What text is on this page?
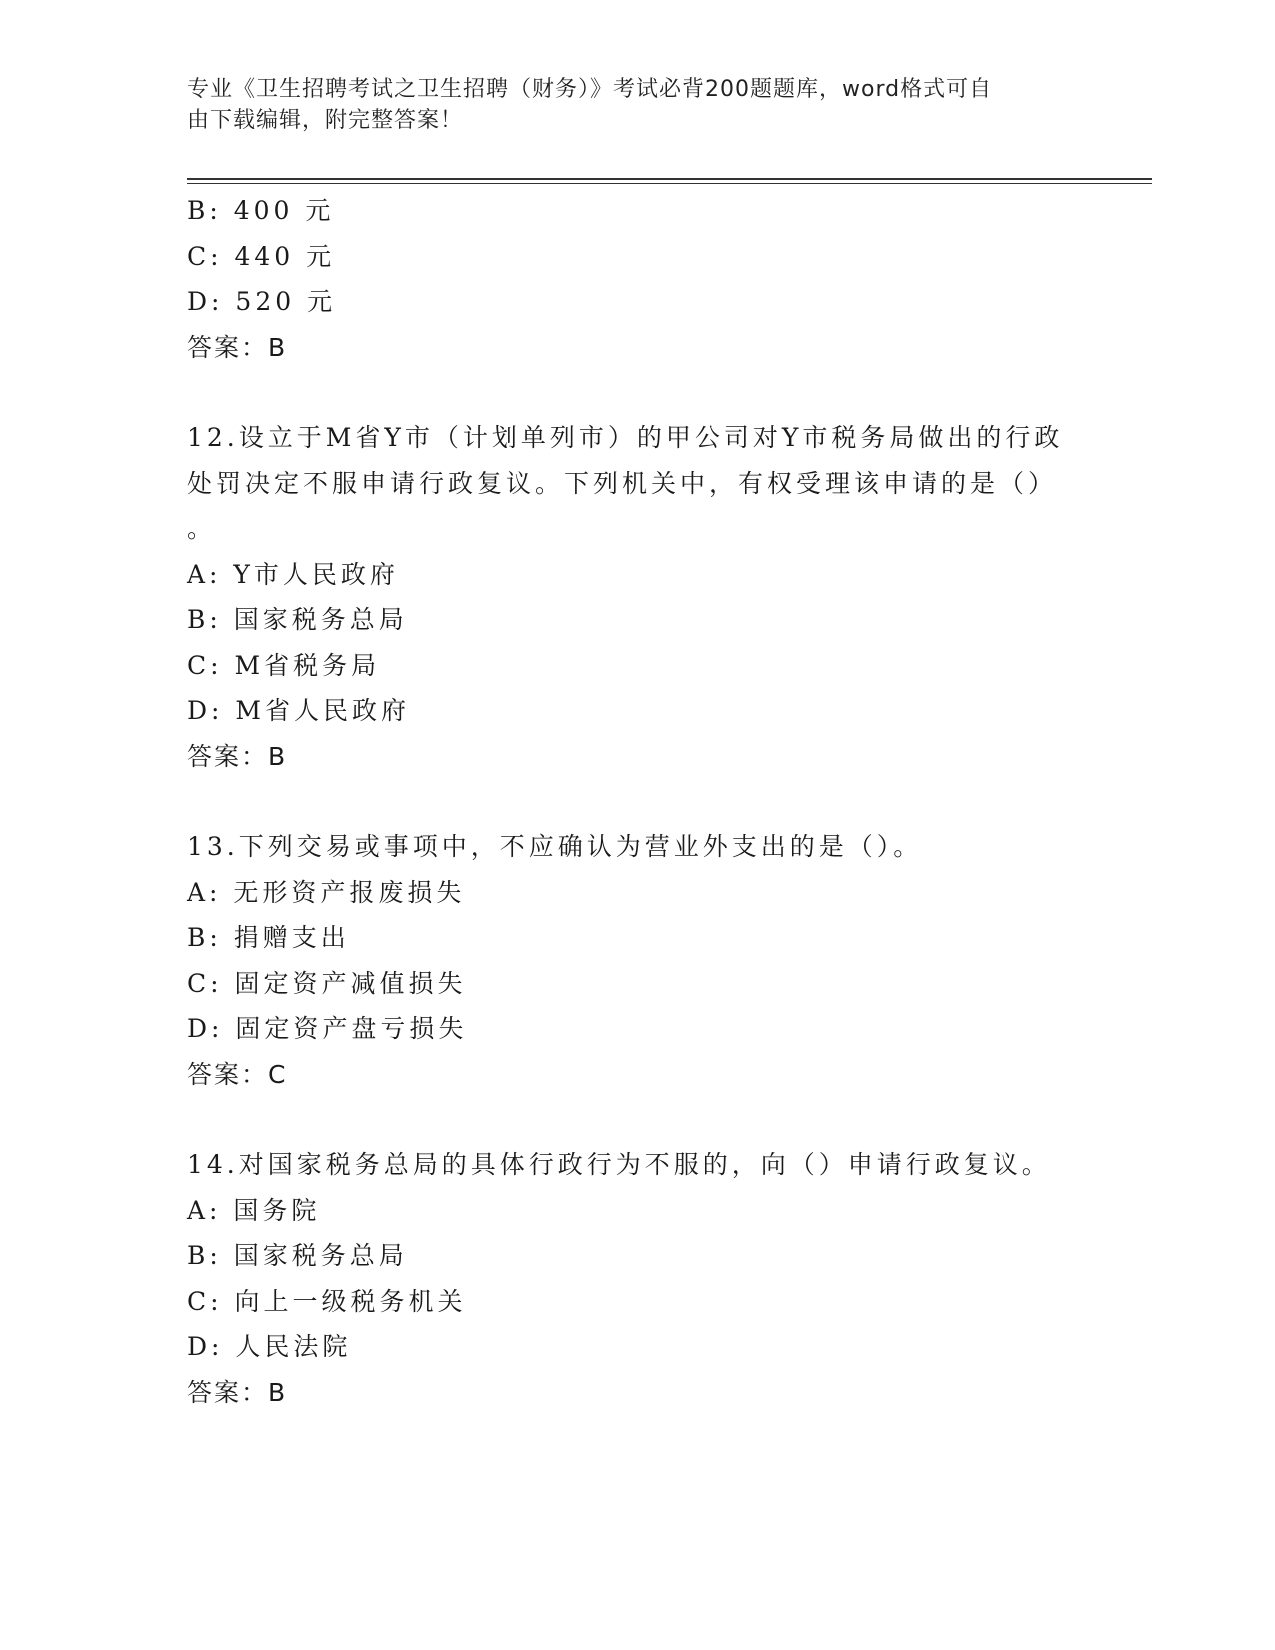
专业《卫生招聘考试之卫生招聘（财务）》考试必背200题题库，word格式可自
由下载编辑，附完整答案！
B: 400 元
C: 440 元
D: 520 元
答案：B
12.设立于M省Y市（计划单列市）的甲公司对Y市税务局做出的行政
处罚决定不服申请行政复议。下列机关中，有权受理该申请的是（）
。
A: Y市人民政府
B: 国家税务总局
C: M省税务局
D: M省人民政府
答案：B
13.下列交易或事项中，不应确认为营业外支出的是（）。
A: 无形资产报废损失
B: 捐赠支出
C: 固定资产减值损失
D: 固定资产盘亏损失
答案：C
14.对国家税务总局的具体行政行为不服的，向（）申请行政复议。
A: 国务院
B: 国家税务总局
C: 向上一级税务机关
D: 人民法院
答案：B
